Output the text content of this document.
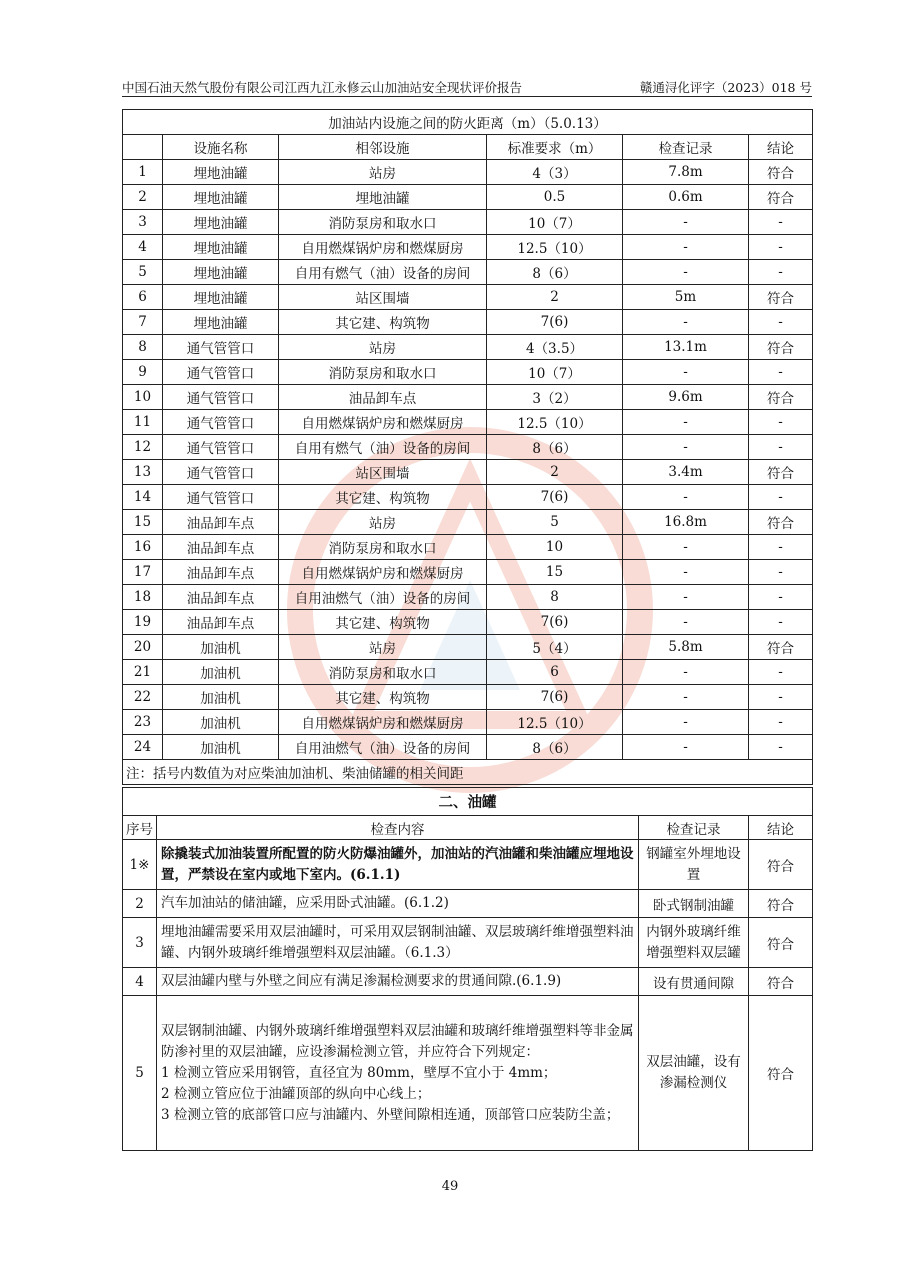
中国石油天然气股份有限公司江西九江永修云山加油站安全现状评价报告	赣通浔化评字（2023）018 号
加油站内设施之间的防火距离（m）（5.0.13）					
	设施名称	相邻设施	标准要求（m）	检查记录	结论
1	埋地油罐	站房	4（3）	7.8m	符合
2	埋地油罐	埋地油罐	0.5	0.6m	符合
3	埋地油罐	消防泵房和取水口	10（7）	-	-
4	埋地油罐	自用燃煤锅炉房和燃煤厨房	12.5（10）	-	-
5	埋地油罐	自用有燃气（油）设备的房间	8（6）	-	-
6	埋地油罐	站区围墙	2	5m	符合
7	埋地油罐	其它建、构筑物	7(6)	-	-
8	通气管管口	站房	4（3.5）	13.1m	符合
9	通气管管口	消防泵房和取水口	10（7）	-	-
10	通气管管口	油品卸车点	3（2）	9.6m	符合
11	通气管管口	自用燃煤锅炉房和燃煤厨房	12.5（10）	-	-
12	通气管管口	自用有燃气（油）设备的房间	8（6）	-	-
13	通气管管口	站区围墙	2	3.4m	符合
14	通气管管口	其它建、构筑物	7(6)	-	-
15	油品卸车点	站房	5	16.8m	符合
16	油品卸车点	消防泵房和取水口	10	-	-
17	油品卸车点	自用燃煤锅炉房和燃煤厨房	15	-	-
18	油品卸车点	自用油燃气（油）设备的房间	8	-	-
19	油品卸车点	其它建、构筑物	7(6)	-	-
20	加油机	站房	5（4）	5.8m	符合
21	加油机	消防泵房和取水口	6	-	-
22	加油机	其它建、构筑物	7(6)	-	-
23	加油机	自用燃煤锅炉房和燃煤厨房	12.5（10）	-	-
24	加油机	自用油燃气（油）设备的房间	8（6）	-	-
注：括号内数值为对应柴油加油机、柴油储罐的相关间距					
二、油罐			
序号	检查内容	检查记录	结论
1※	除撬装式加油装置所配置的防火防爆油罐外，加油站的汽油罐和柴油罐应埋地设置，严禁设在室内或地下室内。(6.1.1)	钢罐室外埋地设置	符合
2	汽车加油站的储油罐，应采用卧式油罐。(6.1.2)	卧式钢制油罐	符合
3	埋地油罐需要采用双层油罐时，可采用双层钢制油罐、双层玻璃纤维增强塑料油罐、内钢外玻璃纤维增强塑料双层油罐。（6.1.3）	内钢外玻璃纤维增强塑料双层罐	符合
4	双层油罐内壁与外壁之间应有满足渗漏检测要求的贯通间隙.(6.1.9)	设有贯通间隙	符合
5	双层钢制油罐、内钢外玻璃纤维增强塑料双层油罐和玻璃纤维增强塑料等非金属防渗衬里的双层油罐，应设渗漏检测立管，并应符合下列规定：
1 检测立管应采用钢管，直径宜为 80mm，壁厚不宜小于 4mm；
2 检测立管应位于油罐顶部的纵向中心线上；
3 检测立管的底部管口应与油罐内、外壁间隙相连通，顶部管口应装防尘盖；	双层油罐，设有渗漏检测仪	符合
49
